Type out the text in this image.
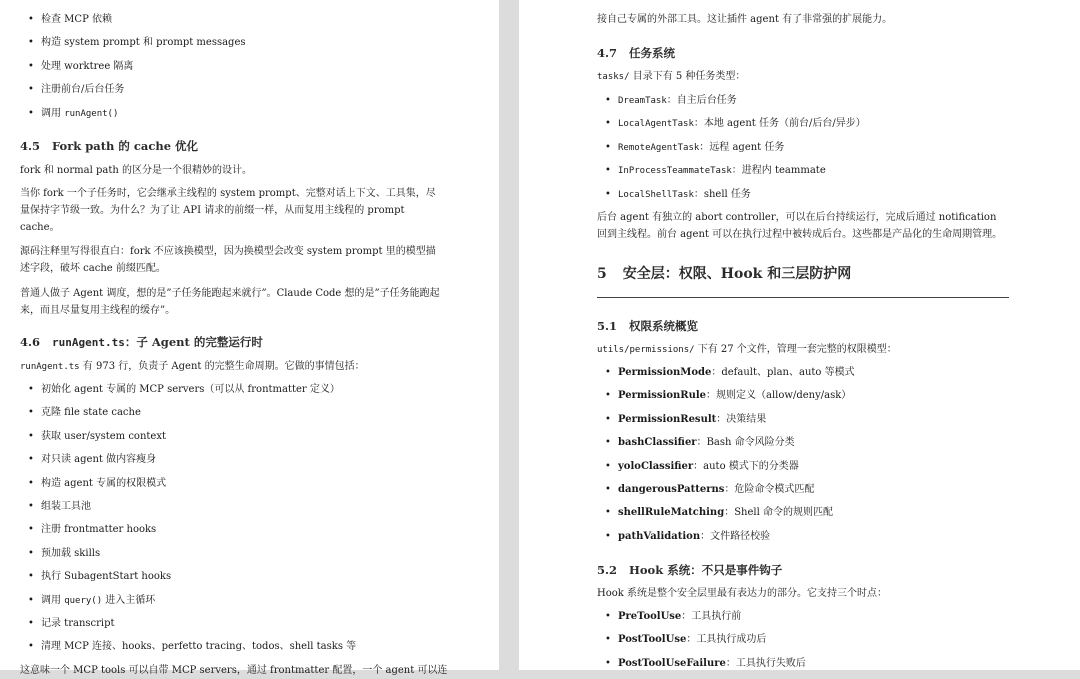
• 检查 MCP 依赖
• 构造 system prompt 和 prompt messages
• 处理 worktree 隔离
• 注册前台/后台任务
• 调用 runAgent()
4.5 Fork path 的 cache 优化

fork 和 normal path 的区分是一个很精妙的设计。

当你 fork 一个子任务时，它会继承主线程的 system prompt、完整对话上下文、工具集，尽量保持字节级一致。为什么？为了让 API 请求的前缀一样，从而复用主线程的 prompt cache。

源码注释里写得很直白：fork 不应该换模型，因为换模型会改变 system prompt 里的模型描述字段，破坏 cache 前缀匹配。

普通人做子 Agent 调度，想的是”子任务能跑起来就行”。Claude Code 想的是”子任务能跑起来，而且尽量复用主线程的缓存”。

4.6 runAgent.ts：子 Agent 的完整运行时

runAgent.ts 有 973 行，负责子 Agent 的完整生命周期。它做的事情包括：

• 初始化 agent 专属的 MCP servers（可以从 frontmatter 定义）
• 克隆 file state cache
• 获取 user/system context
• 对只读 agent 做内容瘦身
• 构造 agent 专属的权限模式
• 组装工具池
• 注册 frontmatter hooks
• 预加载 skills
• 执行 SubagentStart hooks
• 调用 query() 进入主循环
• 记录 transcript
• 清理 MCP 连接、hooks、perfetto tracing、todos、shell tasks 等

这意味一个 MCP tools 可以自带 MCP servers，通过 frontmatter 配置，一个 agent 可以连

接自己专属的外部工具。这让插件 agent 有了非常强的扩展能力。

4.7 任务系统

tasks/ 目录下有 5 种任务类型：

• DreamTask：自主后台任务
• LocalAgentTask：本地 agent 任务（前台/后台/异步）
• RemoteAgentTask：远程 agent 任务
• InProcessTeammateTask：进程内 teammate
• LocalShellTask：shell 任务

后台 agent 有独立的 abort controller，可以在后台持续运行，完成后通过 notification 回到主线程。前台 agent 可以在执行过程中被转成后台。这些都是产品化的生命周期管理。

5 安全层：权限、Hook 和三层防护网
5.1 权限系统概览

utils/permissions/ 下有 27 个文件，管理一套完整的权限模型：

• PermissionMode：default、plan、auto 等模式
• PermissionRule：规则定义（allow/deny/ask）
• PermissionResult：决策结果
• bashClassifier：Bash 命令风险分类
• yoloClassifier：auto 模式下的分类器
• dangerousPatterns：危险命令模式匹配
• shellRuleMatching：Shell 命令的规则匹配
• pathValidation：文件路径校验
5.2 Hook 系统：不只是事件钩子

Hook 系统是整个安全层里最有表达力的部分。它支持三个时点：

• PreToolUse：工具执行前
• PostToolUse：工具执行成功后
• PostToolUseFailure：工具执行失败后
